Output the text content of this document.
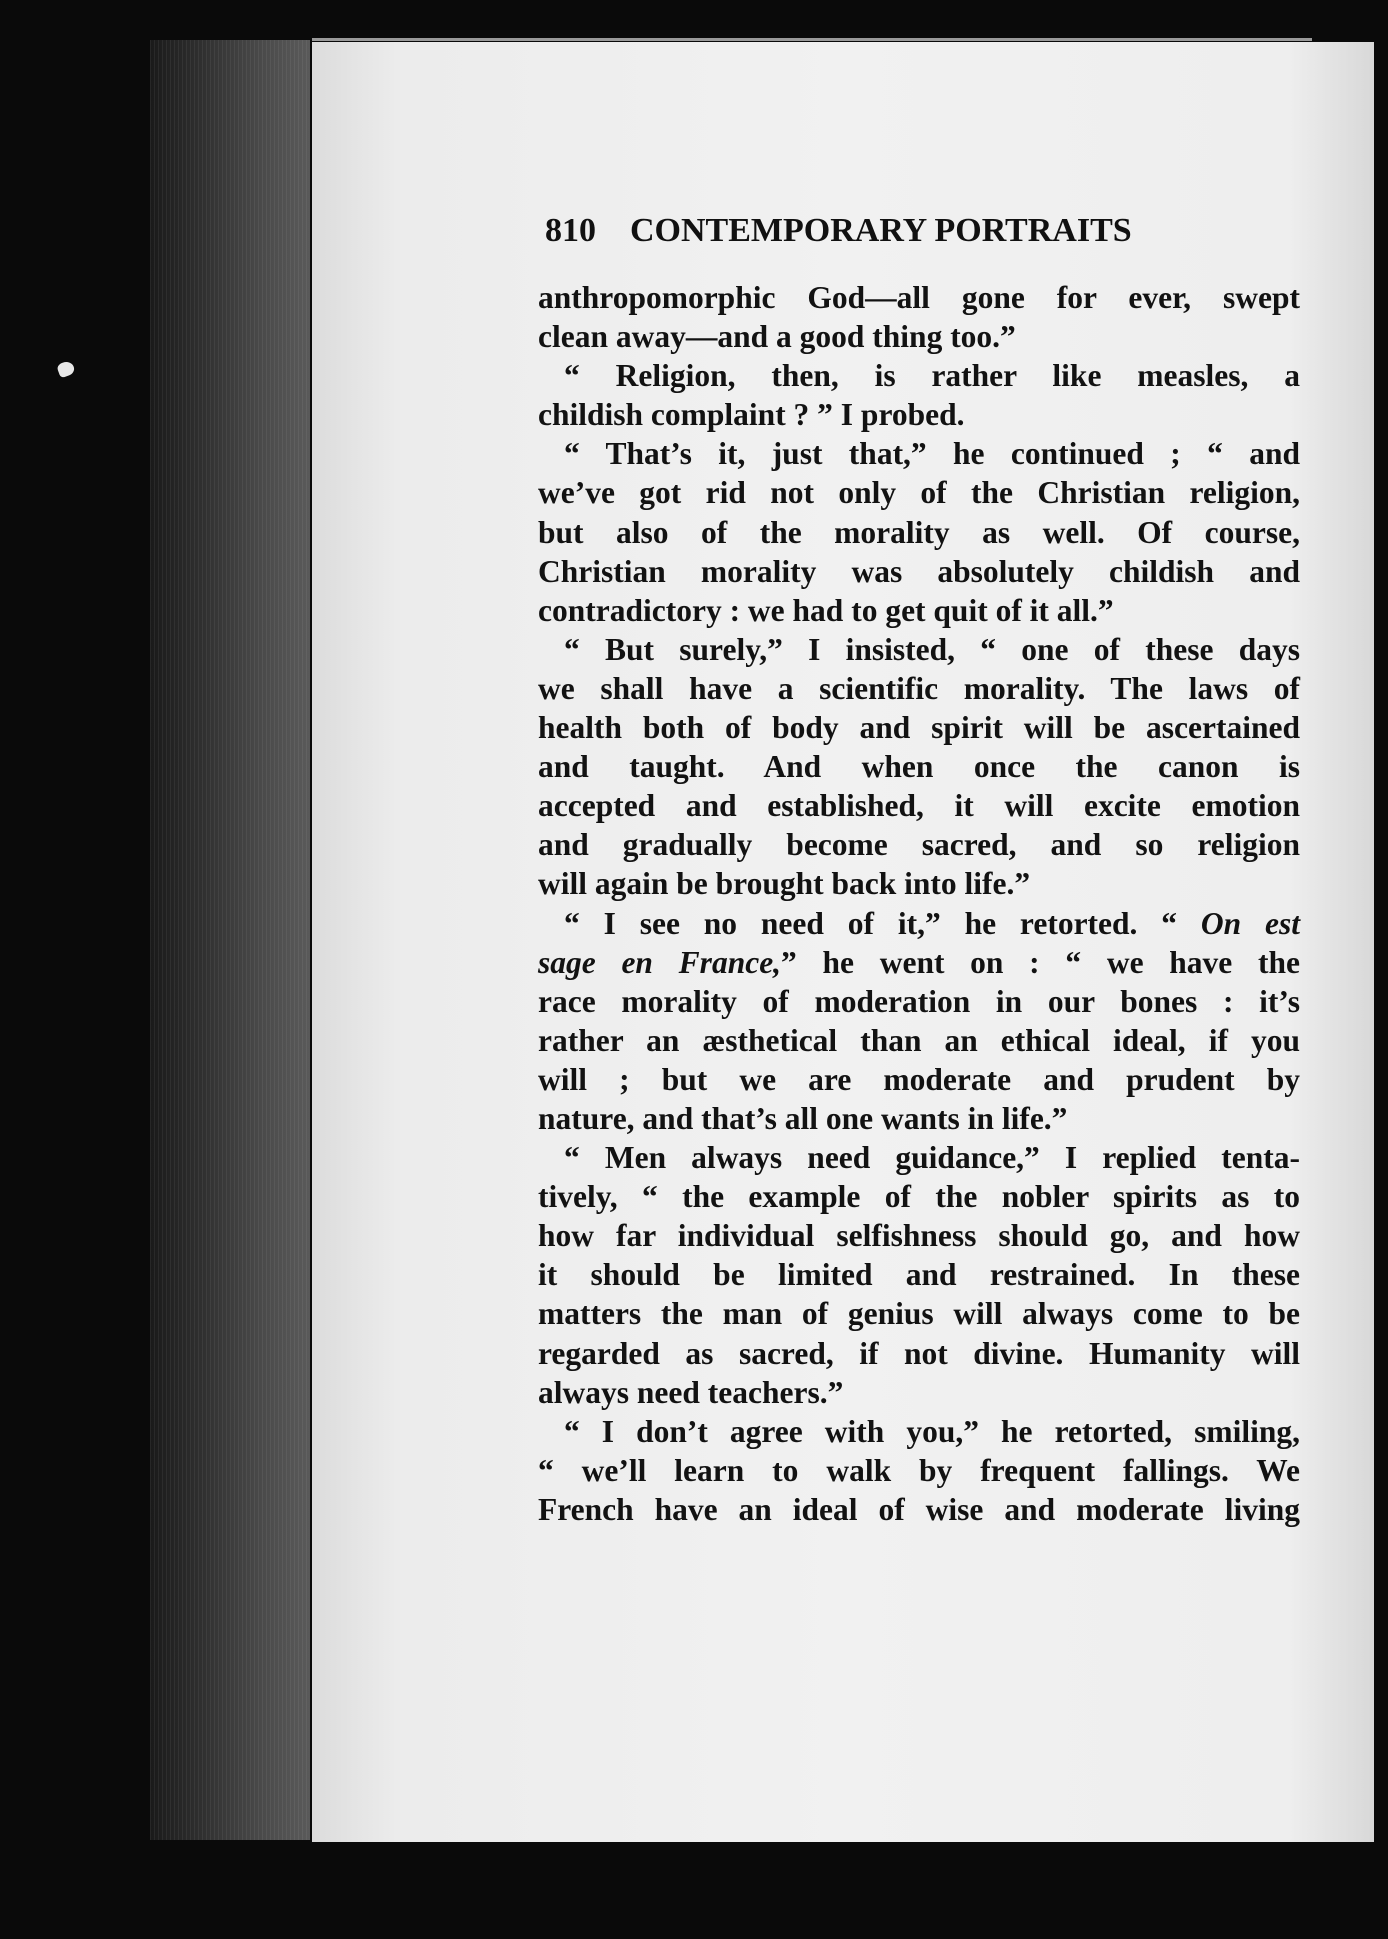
810 CONTEMPORARY PORTRAITS
anthropomorphic God—all gone for ever, swept
clean away—and a good thing too.”
“ Religion, then, is rather like measles, a
childish complaint ? ” I probed.
“ That’s it, just that,” he continued ; “ and
we’ve got rid not only of the Christian religion,
but also of the morality as well. Of course,
Christian morality was absolutely childish and
contradictory : we had to get quit of it all.”
“ But surely,” I insisted, “ one of these days
we shall have a scientific morality. The laws of
health both of body and spirit will be ascertained
and taught. And when once the canon is
accepted and established, it will excite emotion
and gradually become sacred, and so religion
will again be brought back into life.”
“ I see no need of it,” he retorted. “ On est
sage en France,” he went on : “ we have the
race morality of moderation in our bones : it’s
rather an æsthetical than an ethical ideal, if you
will ; but we are moderate and prudent by
nature, and that’s all one wants in life.”
“ Men always need guidance,” I replied tenta-
tively, “ the example of the nobler spirits as to
how far individual selfishness should go, and how
it should be limited and restrained. In these
matters the man of genius will always come to be
regarded as sacred, if not divine. Humanity will
always need teachers.”
“ I don’t agree with you,” he retorted, smiling,
“ we’ll learn to walk by frequent fallings. We
French have an ideal of wise and moderate living
